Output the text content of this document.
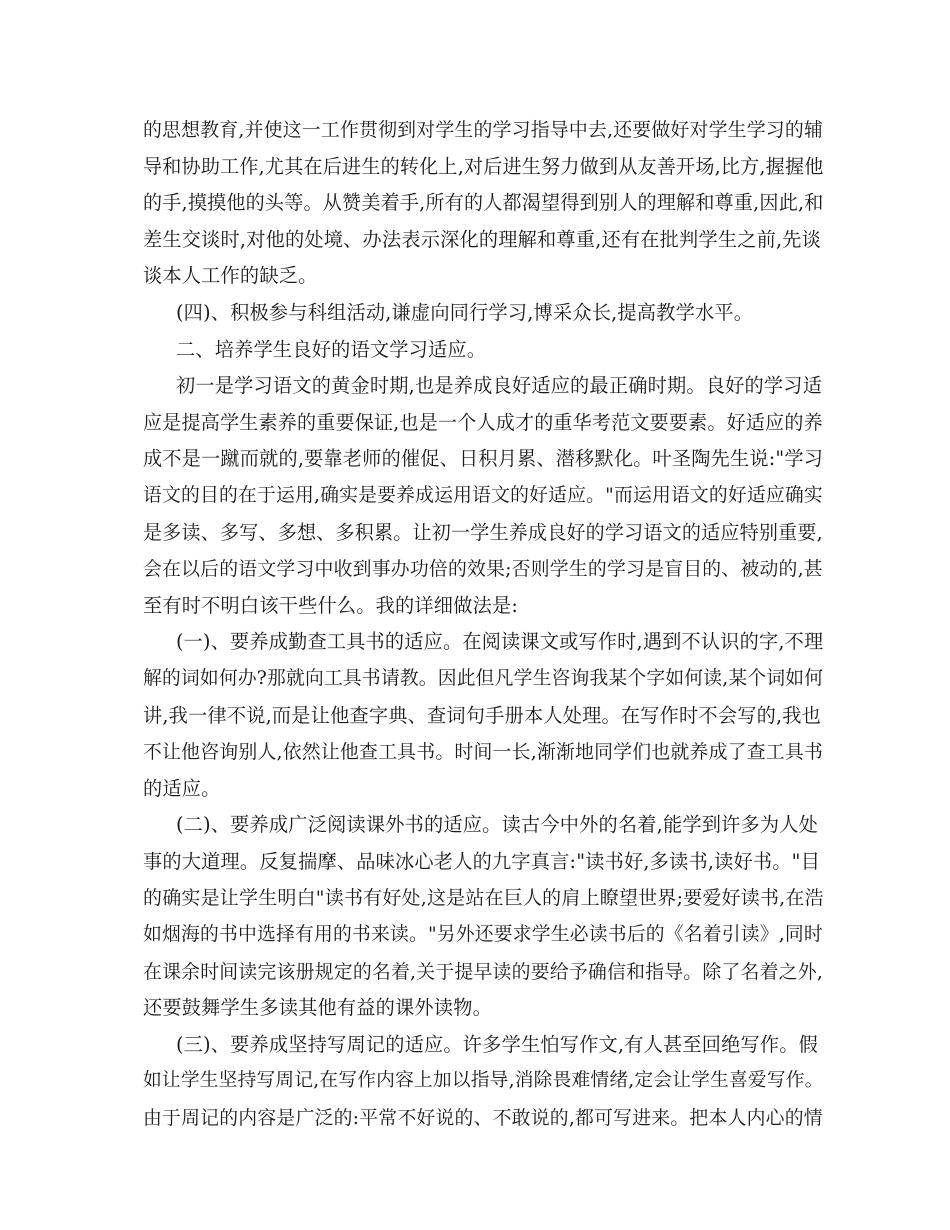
的思想教育,并使这一工作贯彻到对学生的学习指导中去,还要做好对学生学习的辅
导和协助工作,尤其在后进生的转化上,对后进生努力做到从友善开场,比方,握握他
的手,摸摸他的头等。从赞美着手,所有的人都渴望得到别人的理解和尊重,因此,和
差生交谈时,对他的处境、办法表示深化的理解和尊重,还有在批判学生之前,先谈
谈本人工作的缺乏。
(四)、积极参与科组活动,谦虚向同行学习,博采众长,提高教学水平。
二、培养学生良好的语文学习适应。
初一是学习语文的黄金时期,也是养成良好适应的最正确时期。良好的学习适
应是提高学生素养的重要保证,也是一个人成才的重华考范文要要素。好适应的养
成不是一蹴而就的,要靠老师的催促、日积月累、潜移默化。叶圣陶先生说:"学习
语文的目的在于运用,确实是要养成运用语文的好适应。"而运用语文的好适应确实
是多读、多写、多想、多积累。让初一学生养成良好的学习语文的适应特别重要,
会在以后的语文学习中收到事办功倍的效果;否则学生的学习是盲目的、被动的,甚
至有时不明白该干些什么。我的详细做法是:
(一)、要养成勤查工具书的适应。在阅读课文或写作时,遇到不认识的字,不理
解的词如何办?那就向工具书请教。因此但凡学生咨询我某个字如何读,某个词如何
讲,我一律不说,而是让他查字典、查词句手册本人处理。在写作时不会写的,我也
不让他咨询别人,依然让他查工具书。时间一长,渐渐地同学们也就养成了查工具书
的适应。
(二)、要养成广泛阅读课外书的适应。读古今中外的名着,能学到许多为人处
事的大道理。反复揣摩、品味冰心老人的九字真言:"读书好,多读书,读好书。"目
的确实是让学生明白"读书有好处,这是站在巨人的肩上瞭望世界;要爱好读书,在浩
如烟海的书中选择有用的书来读。"另外还要求学生必读书后的《名着引读》,同时
在课余时间读完该册规定的名着,关于提早读的要给予确信和指导。除了名着之外,
还要鼓舞学生多读其他有益的课外读物。
(三)、要养成坚持写周记的适应。许多学生怕写作文,有人甚至回绝写作。假
如让学生坚持写周记,在写作内容上加以指导,消除畏难情绪,定会让学生喜爱写作。
由于周记的内容是广泛的:平常不好说的、不敢说的,都可写进来。把本人内心的情
